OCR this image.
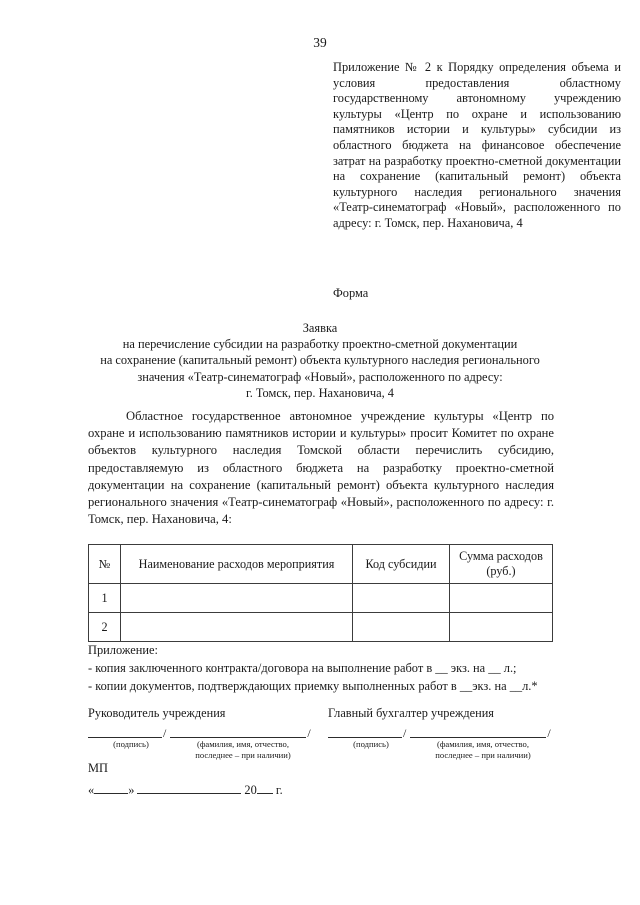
39
Приложение № 2 к Порядку определения объема и условия предоставления областному государственному автономному учреждению культуры «Центр по охране и использованию памятников истории и культуры» субсидии из областного бюджета на финансовое обеспечение затрат на разработку проектно-сметной документации на сохранение (капитальный ремонт) объекта культурного наследия регионального значения «Театр-синематограф «Новый», расположенного по адресу: г. Томск, пер. Нахановича, 4
Форма
Заявка
на перечисление субсидии на разработку проектно-сметной документации
на сохранение (капитальный ремонт) объекта культурного наследия регионального
значения «Театр-синематограф «Новый», расположенного по адресу:
г. Томск, пер. Нахановича, 4
Областное государственное автономное учреждение культуры «Центр по охране и использованию памятников истории и культуры» просит Комитет по охране объектов культурного наследия Томской области перечислить субсидию, предоставляемую из областного бюджета на разработку проектно-сметной документации на сохранение (капитальный ремонт) объекта культурного наследия регионального значения «Театр-синематограф «Новый», расположенного по адресу: г. Томск, пер. Нахановича, 4:
№	Наименование расходов мероприятия	Код субсидии	Сумма расходов (руб.)
1			
2			
Приложение:
- копия заключенного контракта/договора на выполнение работ в __ экз. на __ л.;
- копии документов, подтверждающих приемку выполненных работ в __экз. на __л.*
Руководитель учреждения
/	/
(подпись)	(фамилия, имя, отчество,
последнее – при наличии)
Главный бухгалтер учреждения
/	/
(подпись)	(фамилия, имя, отчество,
последнее – при наличии)
МП
«	»	20 г.
